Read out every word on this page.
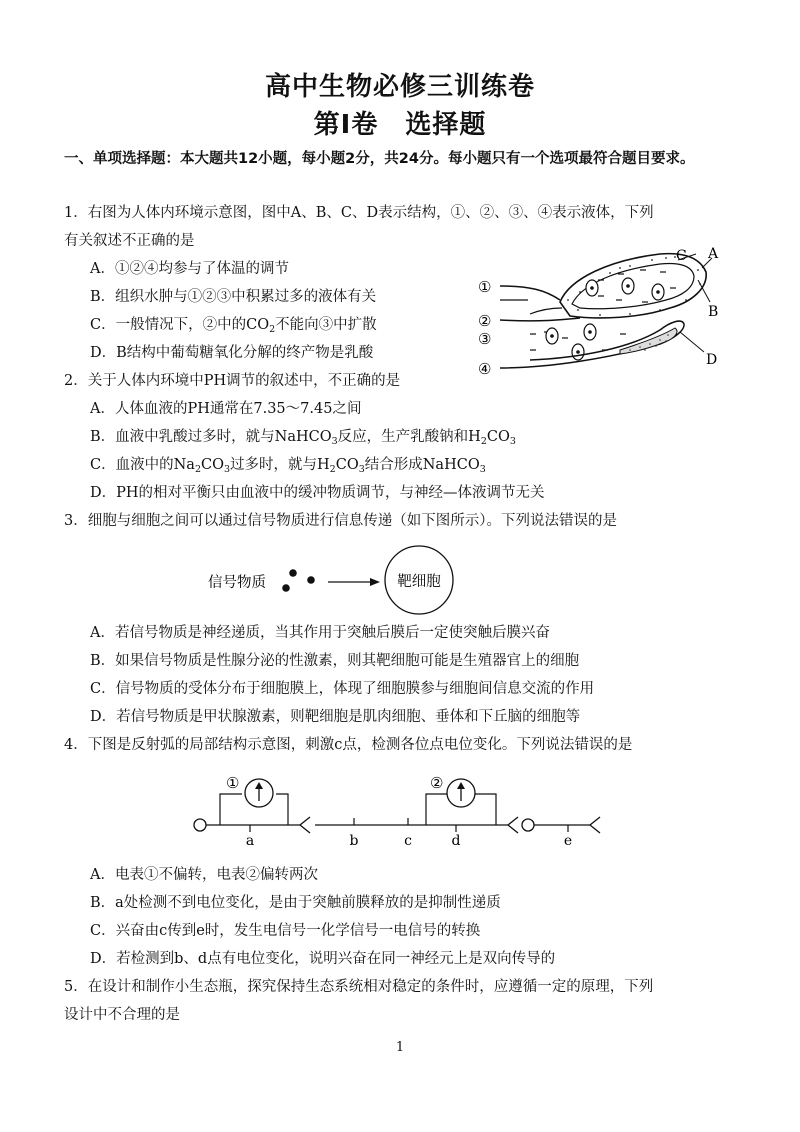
高中生物必修三训练卷
第Ⅰ卷　选择题
一、单项选择题：本大题共12小题，每小题2分，共24分。每小题只有一个选项最符合题目要求。
1．右图为人体内环境示意图，图中A、B、C、D表示结构，①、②、③、④表示液体，下列
有关叙述不正确的是
A．①②④均参与了体温的调节
B．组织水肿与①②③中积累过多的液体有关
C．一般情况下，②中的$CO_2$不能向③中扩散
D．B结构中葡萄糖氧化分解的终产物是乳酸
C A
B
D
①
②
③
④
2．关于人体内环境中PH调节的叙述中，不正确的是
A．人体血液的PH通常在7.35～7.45之间
B．血液中乳酸过多时，就与NaHCO$_3$反应，生产乳酸钠和$H_2CO_3$
C．血液中的$Na_2CO_3$过多时，就与$H_2CO_3$结合形成NaHCO$_3$
D．PH的相对平衡只由血液中的缓冲物质调节，与神经—体液调节无关
3．细胞与细胞之间可以通过信号物质进行信息传递（如下图所示）。下列说法错误的是
信号物质	靶细胞
A．若信号物质是神经递质，当其作用于突触后膜后一定使突触后膜兴奋
B．如果信号物质是性腺分泌的性激素，则其靶细胞可能是生殖器官上的细胞
C．信号物质的受体分布于细胞膜上，体现了细胞膜参与细胞间信息交流的作用
D．若信号物质是甲状腺激素，则靶细胞是肌肉细胞、垂体和下丘脑的细胞等
4．下图是反射弧的局部结构示意图，刺激c点，检测各位点电位变化。下列说法错误的是
①	②
a	b	c	d	e
A．电表①不偏转，电表②偏转两次
B．a处检测不到电位变化，是由于突触前膜释放的是抑制性递质
C．兴奋由c传到e时，发生电信号一化学信号一电信号的转换
D．若检测到b、d点有电位变化，说明兴奋在同一神经元上是双向传导的
5．在设计和制作小生态瓶，探究保持生态系统相对稳定的条件时，应遵循一定的原理，下列
设计中不合理的是
1
